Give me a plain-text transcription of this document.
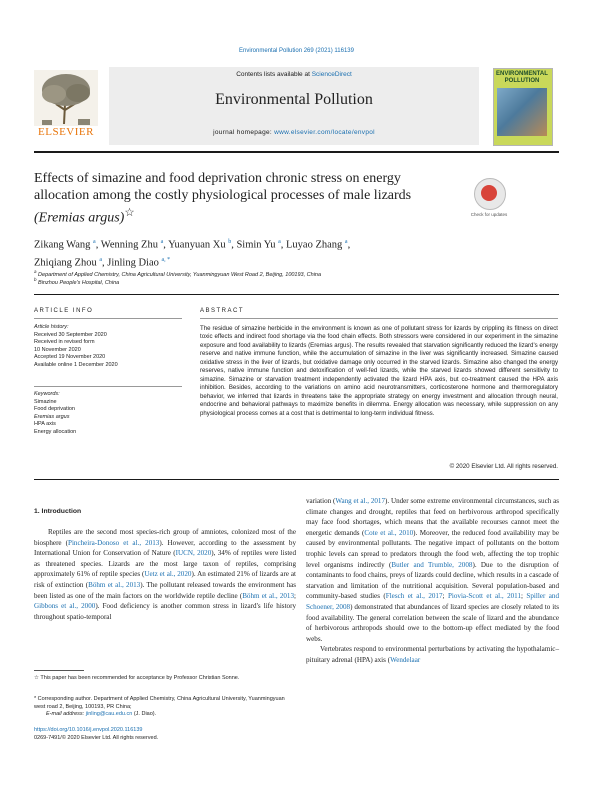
Environmental Pollution 269 (2021) 116139
Contents lists available at ScienceDirect
Environmental Pollution
journal homepage: www.elsevier.com/locate/envpol
ELSEVIER
ENVIRONMENTAL
POLLUTION
Effects of simazine and food deprivation chronic stress on energy
allocation among the costly physiological processes of male lizards
(Eremias argus)☆	Check for updates
Zikang Wang $^a$, Wenning Zhu $^a$, Yuanyuan Xu $^b$, Simin Yu $^a$, Luyao Zhang $^a$,
Zhiqiang Zhou $^a$, Jinling Diao $^{a, *}$
$^a$ Department of Applied Chemistry, China Agricultural University, Yuanmingyuan West Road 2, Beijing, 100193, China
$^b$ Binzhou People's Hospital, China
ARTICLE INFO
Article history:
Received 30 September 2020
Received in revised form
10 November 2020
Accepted 19 November 2020
Available online 1 December 2020
Keywords:
Simazine
Food deprivation
Eremias argus
HPA axis
Energy allocation
ABSTRACT
The residue of simazine herbicide in the environment is known as one of pollutant stress for lizards by crippling its fitness on direct toxic effects and indirect food shortage via the food chain effects. Both stressors were considered in our experiment in the simazine exposure and food availability to lizards (Eremias argus). The results revealed that starvation significantly reduced the lizard's energy reserve and native immune function, while the accumulation of simazine in the liver was significantly increased. Simazine caused oxidative stress in the liver of lizards, but oxidative damage only occurred in the starved lizards. Simazine also changed the energy reserves, native immune function and detoxification of well-fed lizards, while the starved lizards showed different sensitivity to simazine. Simazine or starvation treatment independently activated the lizard HPA axis, but co-treatment caused the HPA axis inhibition. Besides, according to the variations on amino acid neurotransmitters, corticosterone hormone and thermoregulatory behavior, we inferred that lizards in threatens take the appropriate strategy on energy investment and allocation through neural, endocrine and behavioral pathways to maximize benefits in dilemma. Energy allocation was necessary, while suppression on any physiological process comes at a cost that is detrimental to long-term individual fitness.
© 2020 Elsevier Ltd. All rights reserved.
1. Introduction
Reptiles are the second most species-rich group of amniotes, colonized most of the biosphere (Pincheira-Donoso et al., 2013). However, according to the assessment by International Union for Conservation of Nature (IUCN, 2020), 34% of reptiles were listed as threatened species. Lizards are the most large taxon of reptiles, comprising approximately 61% of reptile species (Uetz et al., 2020). An estimated 21% of lizards are at risk of extinction (Böhm et al., 2013). The pollutant released towards the environment has been listed as one of the main factors on the worldwide reptile decline (Böhm et al., 2013; Gibbons et al., 2000). Food deficiency is another common stress in lizard's life history throughout spatio-temporal
variation (Wang et al., 2017). Under some extreme environmental circumstances, such as climate changes and drought, reptiles that feed on herbivorous arthropod specifically may face food shortages, which means that the available recourses cannot meet the energetic demands (Cote et al., 2010). Moreover, the reduced food availability may be caused by environmental pollutants. The negative impact of pollutants on the bottom trophic levels can spread to predators through the food web, affecting the top trophic level organisms indirectly (Butler and Trumble, 2008). Due to the disruption of contaminants to food chains, preys of lizards could decline, which results in a cascade of starvation and limitation of the nutritional acquisition. Several population-based and community-based studies (Flesch et al., 2017; Piovia-Scott et al., 2011; Spiller and Schoener, 2008) demonstrated that abundances of lizard species are closely related to its food availability. The general correlation between the scale of lizard and the abundance of herbivorous arthropods should owe to the bottom-up effect mediated by the food webs.
Vertebrates respond to environmental perturbations by activating the hypothalamic–pituitary adrenal (HPA) axis (Wendelaar
☆ This paper has been recommended for acceptance by Professor Christian Sonne.
* Corresponding author. Department of Applied Chemistry, China Agricultural University, Yuanmingyuan west road 2, Beijing, 100193, PR China;
E-mail address: jinling@cau.edu.cn (J. Diao).
https://doi.org/10.1016/j.envpol.2020.116139
0269-7491/© 2020 Elsevier Ltd. All rights reserved.
